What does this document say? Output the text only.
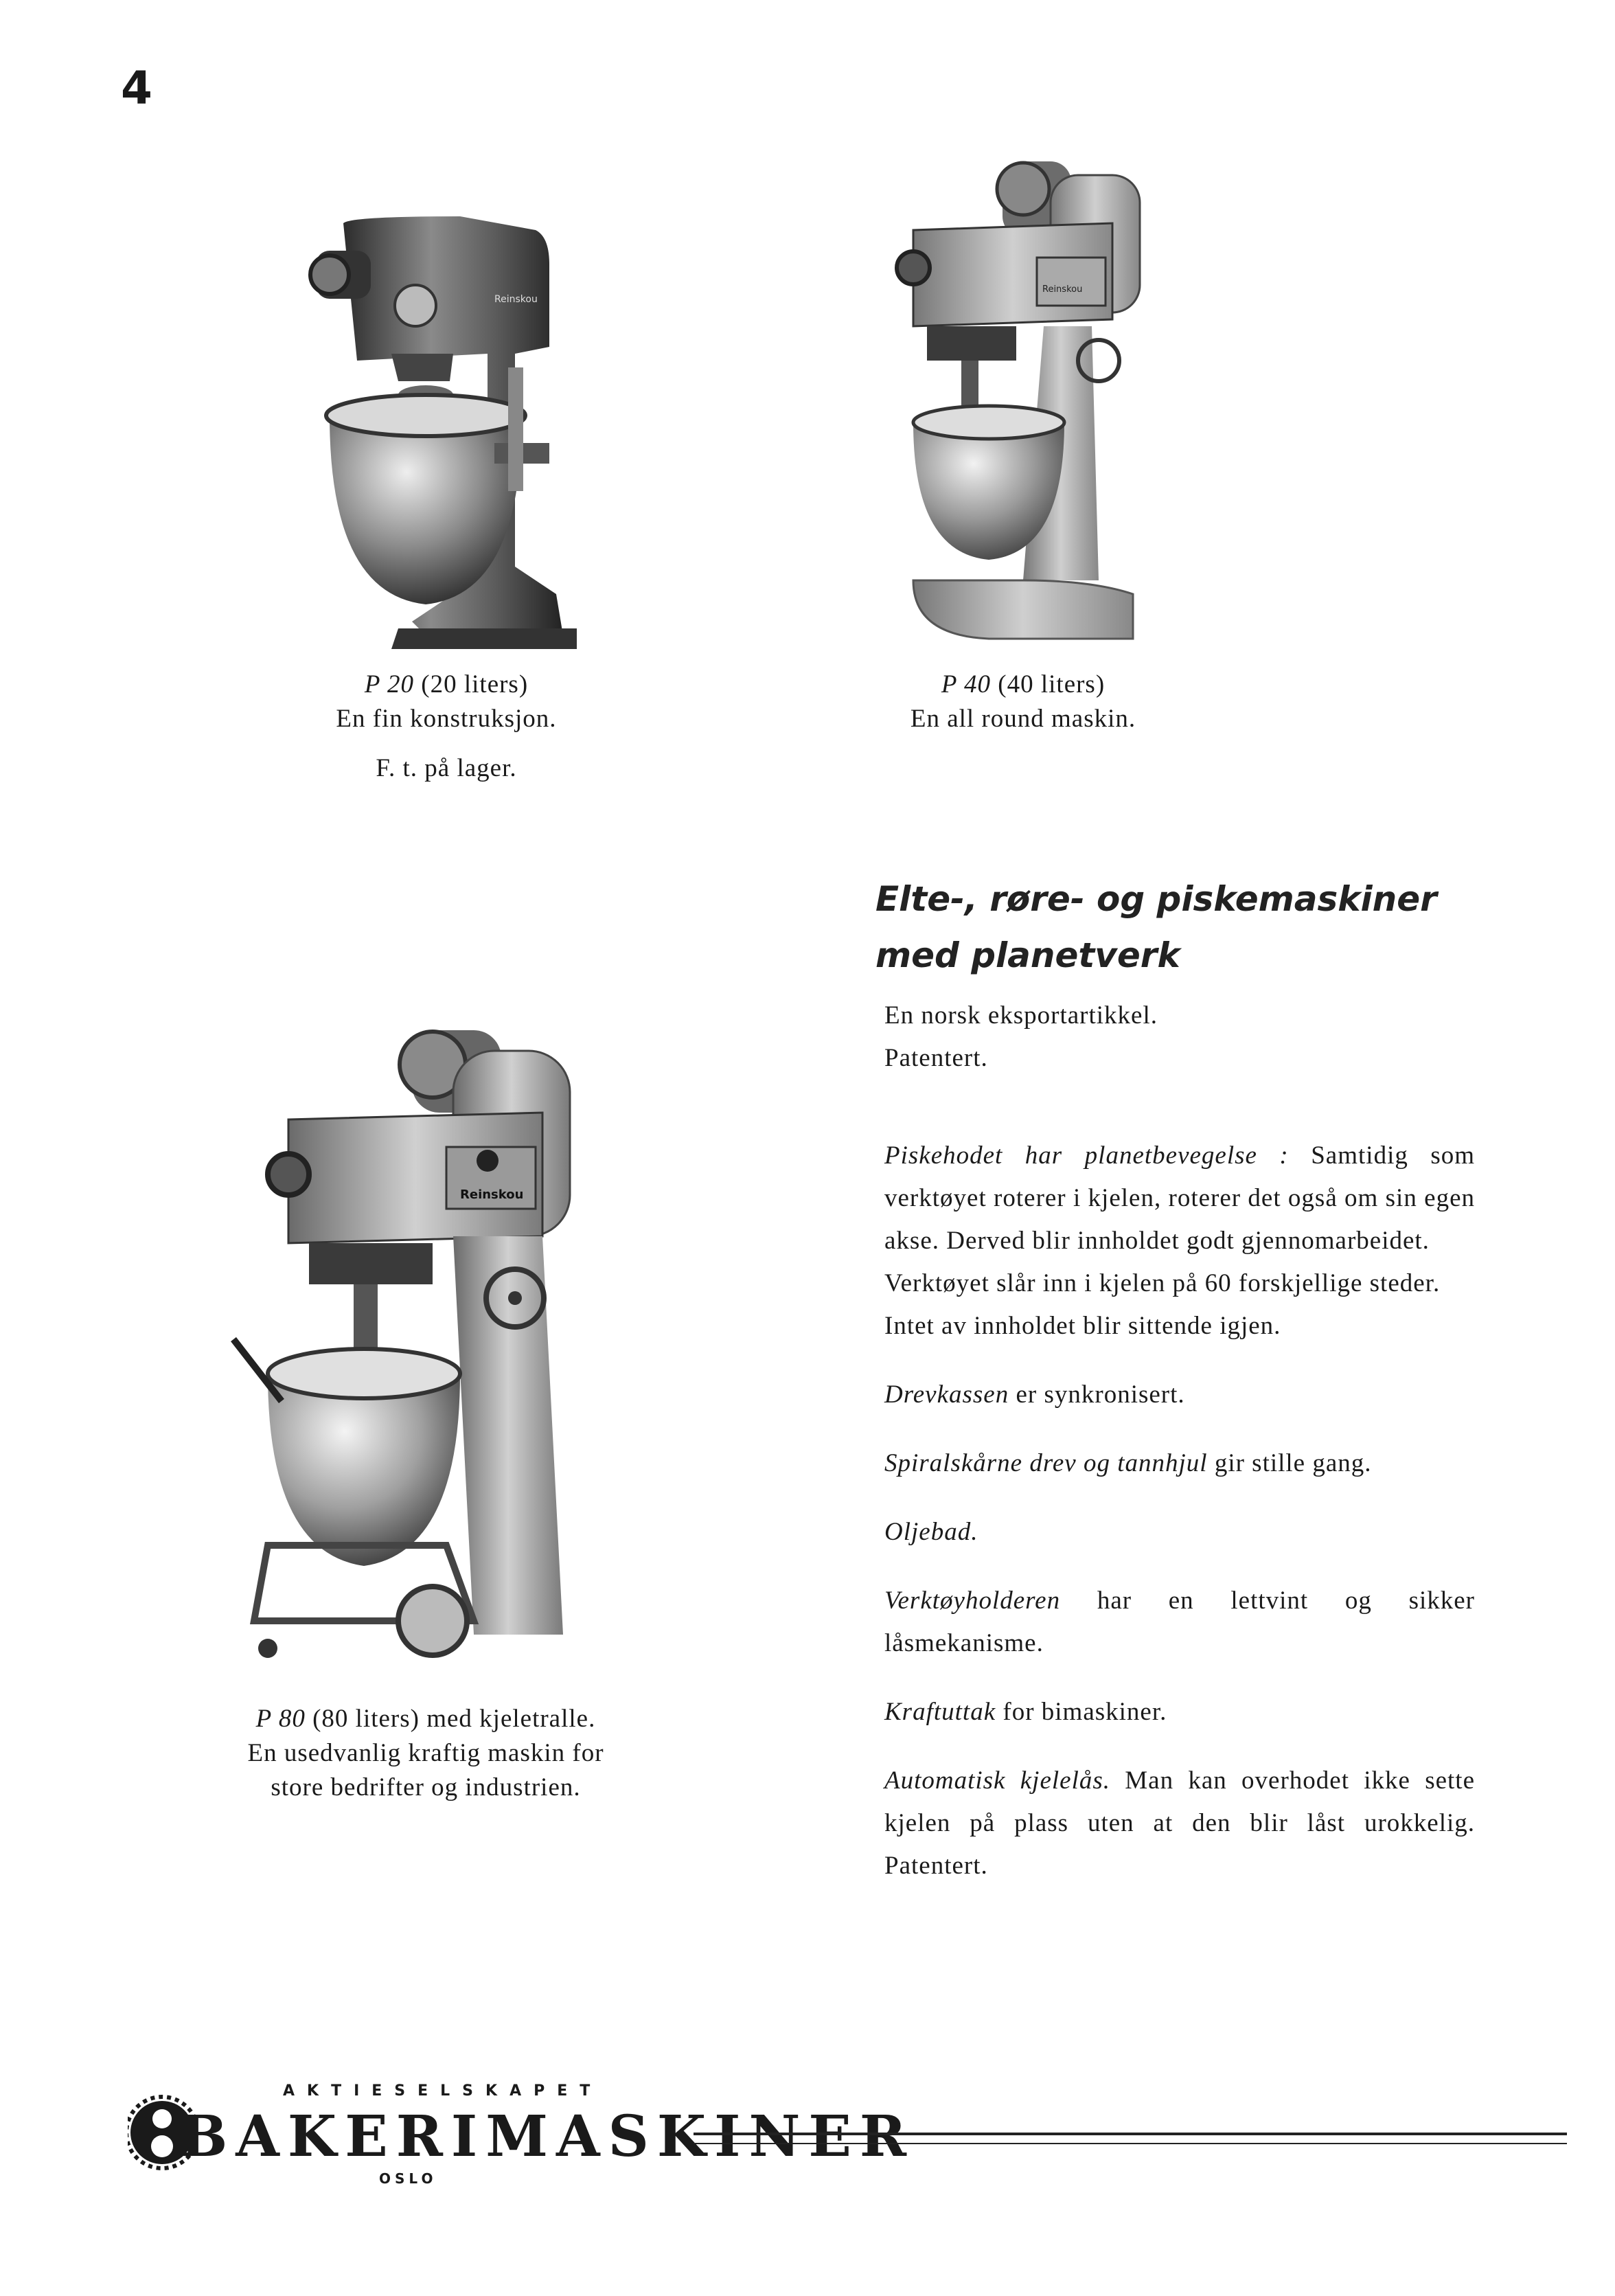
4
Reinskou
Reinskou
P 20 (20 liters)
En fin konstruksjon.
F. t. på lager.
P 40 (40 liters)
En all round maskin.
Elte-, røre- og piskemaskiner
med planetverk

En norsk eksportartikkel.

Patentert.

Piskehodet har planetbevegelse : Samtidig som verktøyet roterer i kjelen, roterer det også om sin egen akse. Derved blir innholdet godt gjennomarbeidet.

Verktøyet slår inn i kjelen på 60 forskjellige steder.

Intet av innholdet blir sittende igjen.

Drevkassen er synkronisert.

Spiralskårne drev og tannhjul gir stille gang.

Oljebad.

Verktøyholderen har en lettvint og sikker låsmekanisme.

Kraftuttak for bimaskiner.

Automatisk kjelelås. Man kan overhodet ikke sette kjelen på plass uten at den blir låst urokkelig. Patentert.

Reinskou
P 80 (80 liters) med kjeletralle.
En usedvanlig kraftig maskin for
store bedrifter og industrien.
AKTIESELSKAPET
BAKERIMASKINER
OSLO
